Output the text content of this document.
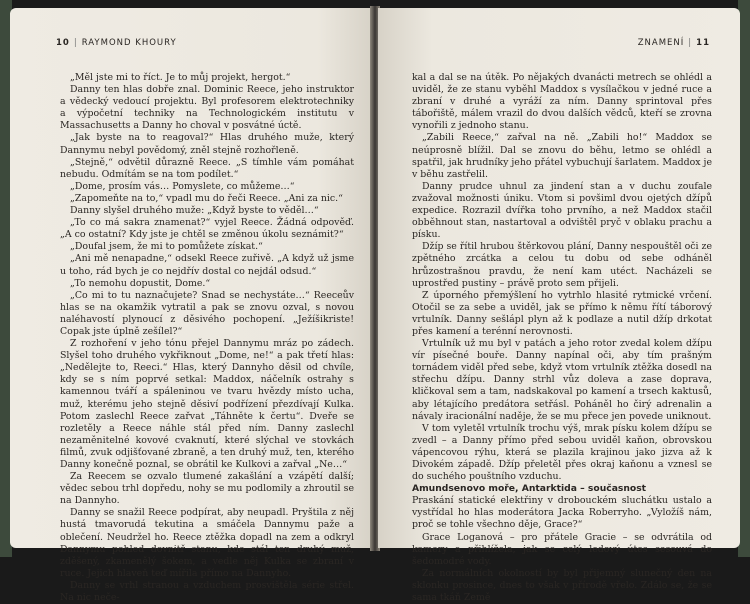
10 | RAYMOND KHOURY

„Měl jste mi to říct. Je to můj projekt, hergot.“

Danny ten hlas dobře znal. Dominic Reece, jeho instruktor a vědecký vedoucí projektu. Byl profesorem elektrotechniky a výpočetní techniky na Technologickém institutu v Massachusetts a Danny ho choval v posvátné úctě.

„Jak byste na to reagoval?“ Hlas druhého muže, který Dannymu nebyl povědomý, zněl stejně rozhořleně.

„Stejně,“ odvětil důrazně Reece. „S tímhle vám pomáhat nebudu. Odmítám se na tom podílet.“

„Dome, prosím vás… Pomyslete, co můžeme…“

„Zapomeňte na to,“ vpadl mu do řeči Reece. „Ani za nic.“

Danny slyšel druhého muže: „Když byste to věděl…“

„To co má sakra znamenat?“ vyjel Reece. Žádná odpověď. „A co ostatní? Kdy jste je chtěl se změnou úkolu seznámit?“

„Doufal jsem, že mi to pomůžete získat.“

„Ani mě nenapadne,“ odsekl Reece zuřivě. „A když už jsme u toho, rád bych je co nejdřív dostal co nejdál odsud.“

„To nemohu dopustit, Dome.“

„Co mi to tu naznačujete? Snad se nechystáte…“ Reeceův hlas se na okamžik vytratil a pak se znovu ozval, s novou naléhavostí plynoucí z děsivého pochopení. „Ježíšikriste! Copak jste úplně zešílel?“

Z rozhoření v jeho tónu přejel Dannymu mráz po zádech. Slyšel toho druhého vykřiknout „Dome, ne!“ a pak třetí hlas: „Nedělejte to, Reeci.“ Hlas, který Dannyho děsil od chvíle, kdy se s ním poprvé setkal: Maddox, náčelník ostrahy s kamennou tváří a spáleninou ve tvaru hvězdy místo ucha, muž, kterému jeho stejně děsiví podřízení přezdívají Kulka. Potom zaslechl Reece zařvat „Táhněte k čertu“. Dveře se rozletěly a Reece náhle stál před ním. Danny zaslechl nezaměnitelné kovové cvaknutí, které slýchal ve stovkách filmů, zvuk odjišťované zbraně, a ten druhý muž, ten, kterého Danny konečně poznal, se obrátil ke Kulkovi a zařval „Ne…“

Za Reecem se ozvalo tlumené zakašlání a vzápětí další; vědec sebou trhl dopředu, nohy se mu podlomily a zhroutil se na Dannyho.

Danny se snažil Reece podpírat, aby neupadl. Pryštila z něj hustá tmavorudá tekutina a smáčela Dannymu paže a oblečení. Neudržel ho. Reece ztěžka dopadl na zem a odkryl Dannymu pohled dovnitř stanu, kde stál ten druhý muž, zděšený, zkamenělý šokem, a vedle něj Kulka se zbraní v ruce. Jejich hlaveň teď mířila přímo na Dannyho.

Danny se vrhl stranou a vzduchem prosvištěla série střel. Na nic neče-

ZNAMENÍ | 11

kal a dal se na útěk. Po nějakých dvanácti metrech se ohlédl a uviděl, že ze stanu vyběhl Maddox s vysílačkou v jedné ruce a zbraní v druhé a vyráží za ním. Danny sprintoval přes tábořiště, málem vrazil do dvou dalších vědců, kteří se zrovna vynořili z jednoho stanu.

„Zabili Reece,“ zařval na ně. „Zabili ho!“ Maddox se neúprosně blížil. Dal se znovu do běhu, letmo se ohlédl a spatřil, jak hrudníky jeho přátel vybuchují šarlatem. Maddox je v běhu zastřelil.

Danny prudce uhnul za jindení stan a v duchu zoufale zvažoval možnosti úniku. Vtom si povšiml dvou ojetých džípů expedice. Rozrazil dvířka toho prvního, a než Maddox stačil obběhnout stan, nastartoval a odvištěl pryč v oblaku prachu a písku.

Džíp se řítil hrubou štěrkovou plání, Danny nespouštěl oči ze zpětného zrcátka a celou tu dobu od sebe odháněl hrůzostrašnou pravdu, že není kam utéct. Nacházeli se uprostřed pustiny – právě proto sem přijeli.

Z úporného přemýšlení ho vytrhlo hlasité rytmické vrčení. Otočil se za sebe a uviděl, jak se přímo k němu řítí táborový vrtulník. Danny sešlápl plyn až k podlaze a nutil džíp drkotat přes kamení a terénní nerovnosti.

Vrtulník už mu byl v patách a jeho rotor zvedal kolem džípu vír písečné bouře. Danny napínal oči, aby tím prašným tornádem viděl před sebe, když vtom vrtulník ztěžka dosedl na střechu džípu. Danny strhl vůz doleva a zase doprava, kličkoval sem a tam, nadskakoval po kamení a trsech kaktusů, aby létajícího predátora setřásl. Poháněl ho čirý adrenalin a návaly iracionální naděje, že se mu přece jen povede uniknout.

V tom vyletěl vrtulník trochu výš, mrak písku kolem džípu se zvedl – a Danny přímo před sebou uviděl kaňon, obrovskou vápencovou rýhu, která se plazila krajinou jako jizva až k Divokém západě. Džíp přeletěl přes okraj kaňonu a vznesl se do suchého pouštního vzduchu.

Amundsenovo moře, Antarktida – současnost

Praskání statické elektřiny v drobouckém sluchátku ustalo a vystřídal ho hlas moderátora Jacka Roberryho. „Vyložíš nám, proč se tohle všechno děje, Grace?“

Grace Loganová – pro přátele Gracie – se odvrátila od kamery a přihlížela, jak se celý ledový útes sesouvá do šedomodré vody.

Za normálních okolností by byl přijemný slunečný den na sklonku prosince, dnes to však v přírodě vřelo. Zdálo se, že se sama tkáň Země
